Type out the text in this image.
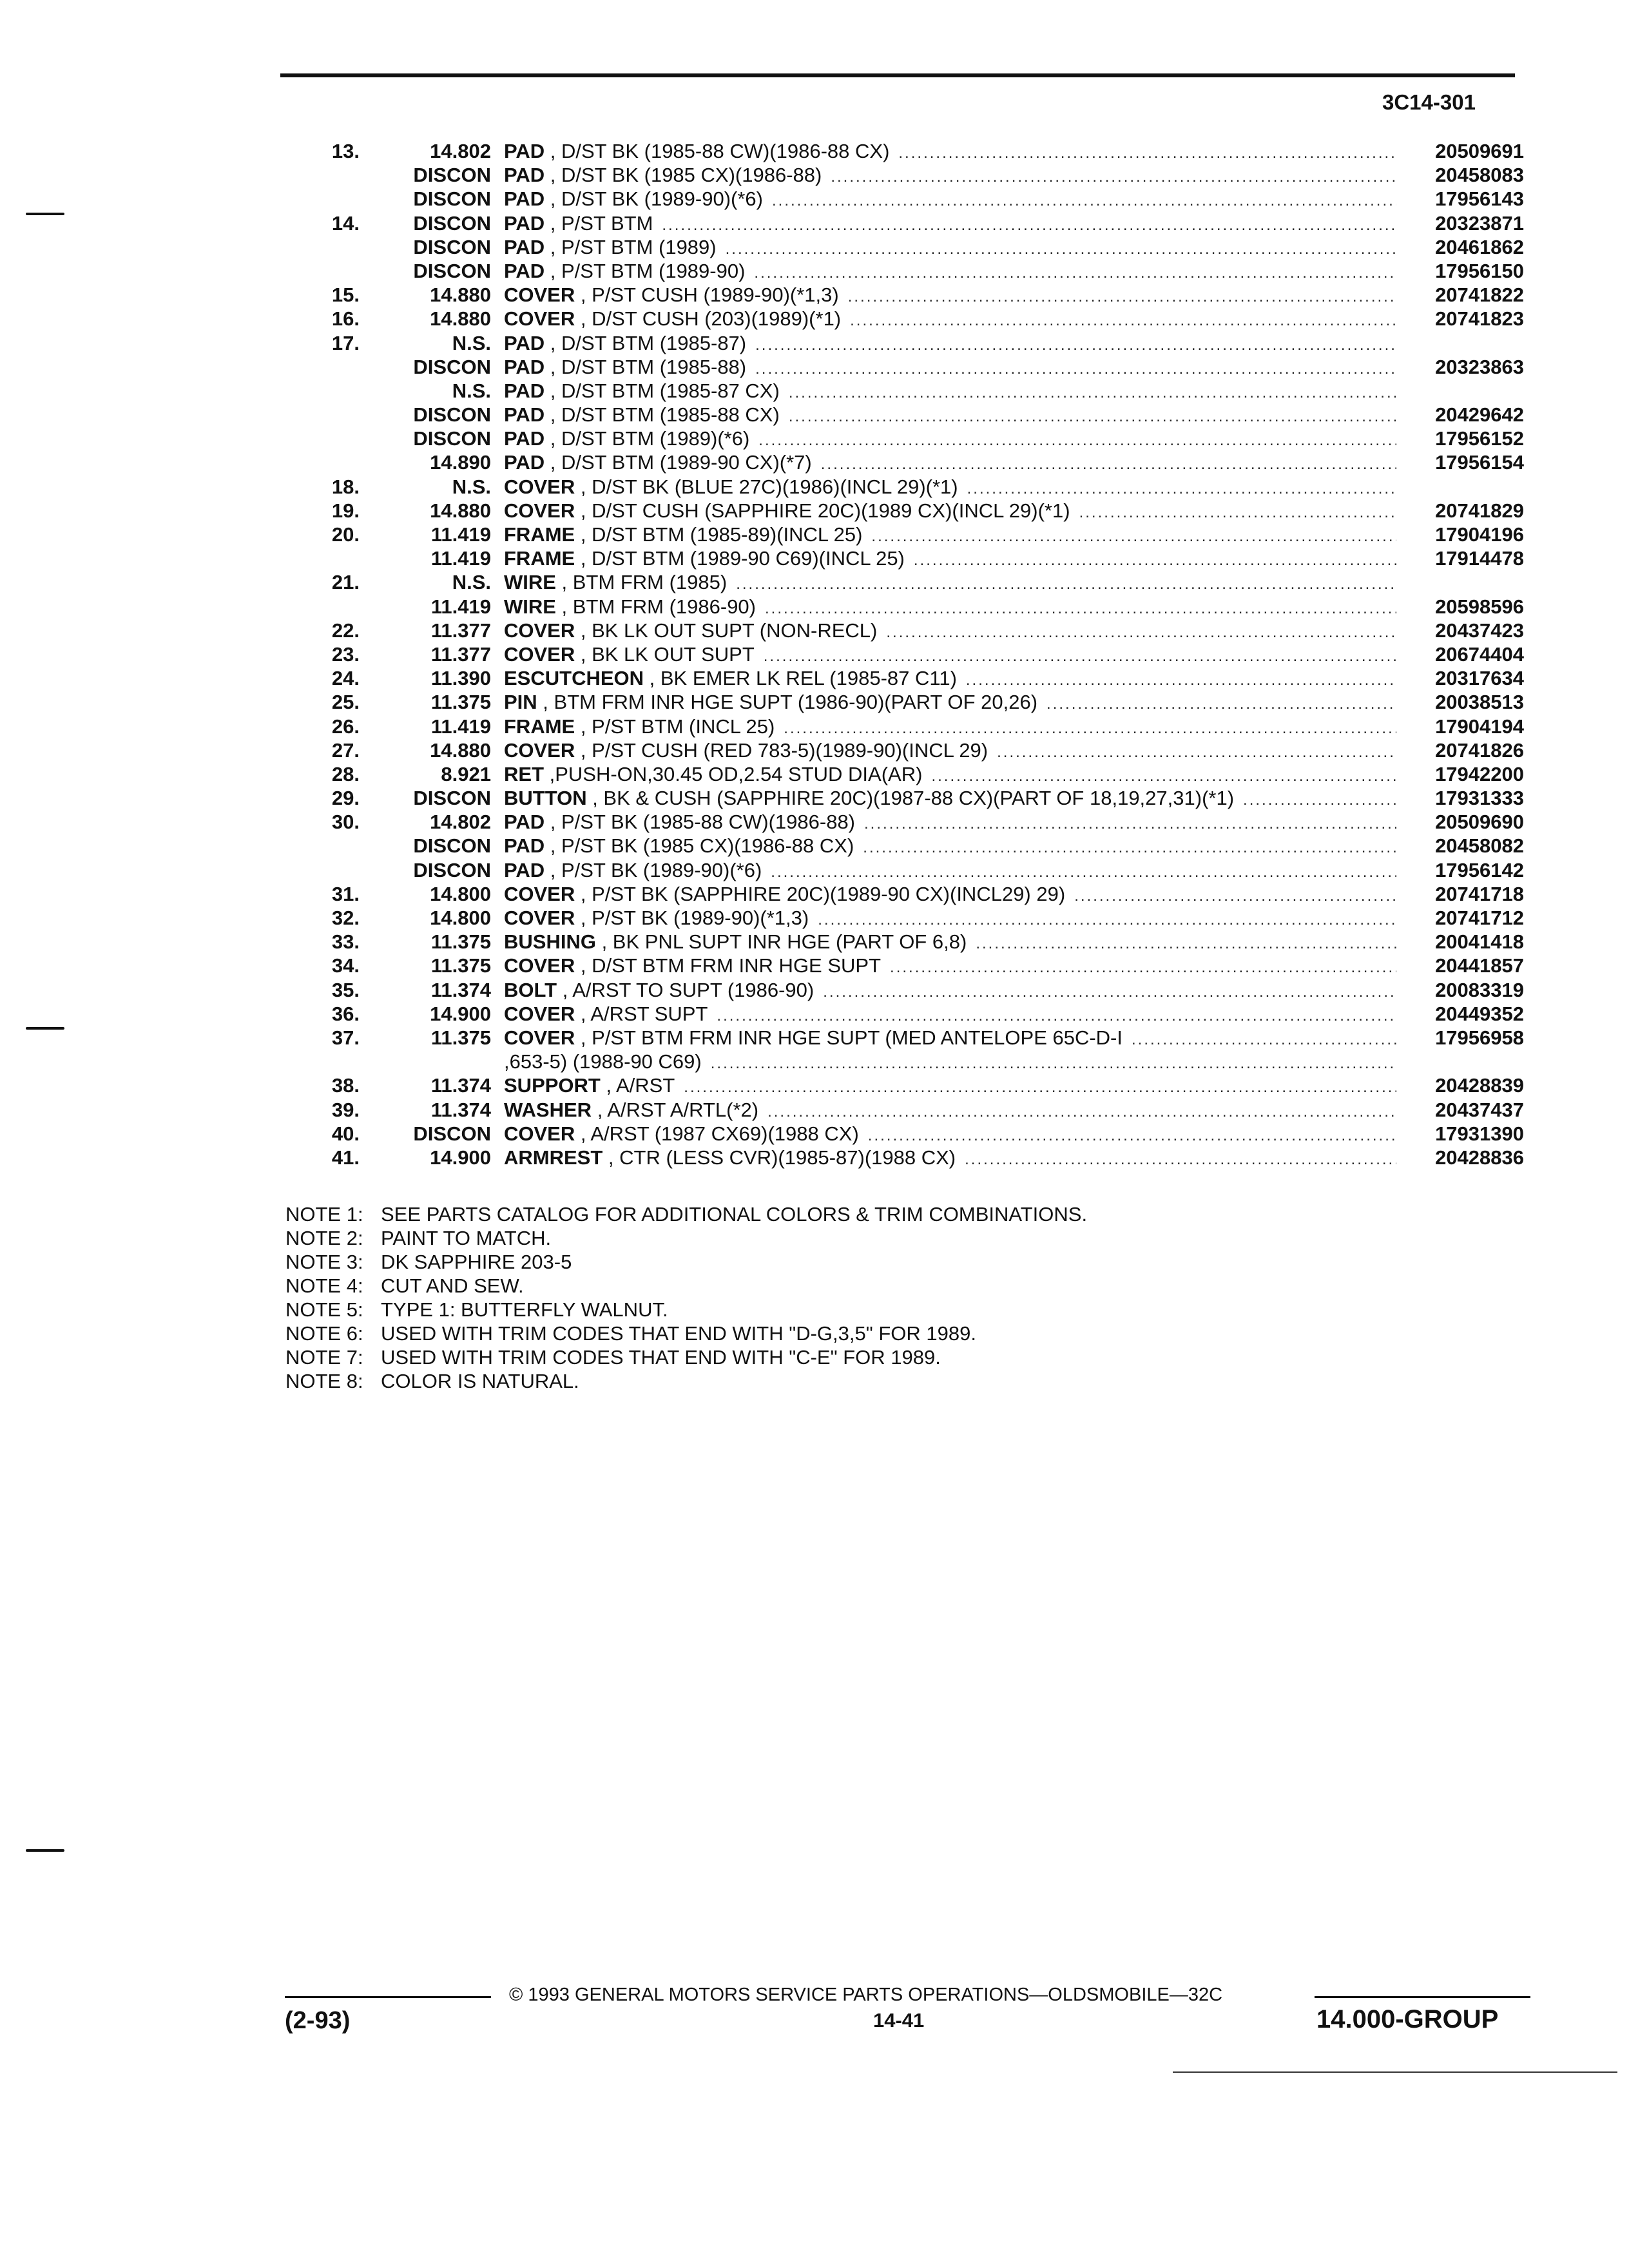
3C14-301
13.	14.802 PAD , D/ST BK (1985-88 CW)(1986-88 CX) .....	20509691
DISCON PAD , D/ST BK (1985 CX)(1986-88) .....	20458083
DISCON PAD , D/ST BK (1989-90)(*6) .....	17956143
14.	DISCON PAD , P/ST BTM .....	20323871
DISCON PAD , P/ST BTM (1989) .....	20461862
DISCON PAD , P/ST BTM (1989-90) .....	17956150
15.	14.880 COVER , P/ST CUSH (1989-90)(*1,3) .....	20741822
16.	14.880 COVER , D/ST CUSH (203)(1989)(*1) .....	20741823
17.	N.S. PAD , D/ST BTM (1985-87)
.....
DISCON PAD , D/ST BTM (1985-88) .....	20323863
N.S. PAD , D/ST BTM (1985-87 CX)
.....
DISCON PAD , D/ST BTM (1985-88 CX) .....	20429642
DISCON PAD , D/ST BTM (1989)(*6) .....	17956152
14.890 PAD , D/ST BTM (1989-90 CX)(*7) .....	17956154
18.	N.S. COVER , D/ST BK (BLUE 27C)(1986)(INCL 29)(*1)
.....
19.	14.880 COVER , D/ST CUSH (SAPPHIRE 20C)(1989 CX)(INCL 29)(*1) .....	20741829
20.	11.419 FRAME , D/ST BTM (1985-89)(INCL 25) .....	17904196
11.419 FRAME , D/ST BTM (1989-90 C69)(INCL 25) .....	17914478
21.	N.S. WIRE , BTM FRM (1985)
.....
11.419 WIRE , BTM FRM (1986-90) .....	20598596
22.	11.377 COVER , BK LK OUT SUPT (NON-RECL) .....	20437423
23.	11.377 COVER , BK LK OUT SUPT .....	20674404
24.	11.390 ESCUTCHEON , BK EMER LK REL (1985-87 C11) .....	20317634
25.	11.375 PIN , BTM FRM INR HGE SUPT (1986-90)(PART OF 20,26) .....	20038513
26.	11.419 FRAME , P/ST BTM (INCL 25) .....	17904194
27.	14.880 COVER , P/ST CUSH (RED 783-5)(1989-90)(INCL 29) .....	20741826
28.	8.921 RET ,PUSH-ON,30.45 OD,2.54 STUD DIA(AR) .....	17942200
29.	DISCON BUTTON , BK & CUSH (SAPPHIRE 20C)(1987-88 CX)(PART OF 18,19,27,31)(*1) .....	17931333
30.	14.802 PAD , P/ST BK (1985-88 CW)(1986-88) .....	20509690
DISCON PAD , P/ST BK (1985 CX)(1986-88 CX) .....	20458082
DISCON PAD , P/ST BK (1989-90)(*6) .....	17956142
31.	14.800 COVER , P/ST BK (SAPPHIRE 20C)(1989-90 CX)(INCL29) 29) .....	20741718
32.	14.800 COVER , P/ST BK (1989-90)(*1,3) .....	20741712
33.	11.375 BUSHING , BK PNL SUPT INR HGE (PART OF 6,8) .....	20041418
34.	11.375 COVER , D/ST BTM FRM INR HGE SUPT .....	20441857
35.	11.374 BOLT , A/RST TO SUPT (1986-90) .....	20083319
36.	14.900 COVER , A/RST SUPT .....	20449352
37.	11.375 COVER , P/ST BTM FRM INR HGE SUPT (MED ANTELOPE 65C-D-I .....	17956958
,653-5) (1988-90 C69)
.....
38.	11.374 SUPPORT , A/RST .....	20428839
39.	11.374 WASHER , A/RST A/RTL(*2) .....	20437437
40.	DISCON COVER , A/RST (1987 CX69)(1988 CX) .....	17931390
41.	14.900 ARMREST , CTR (LESS CVR)(1985-87)(1988 CX) .....	20428836
NOTE 1: SEE PARTS CATALOG FOR ADDITIONAL COLORS & TRIM COMBINATIONS.
NOTE 2: PAINT TO MATCH.
NOTE 3: DK SAPPHIRE 203-5
NOTE 4: CUT AND SEW.
NOTE 5: TYPE 1: BUTTERFLY WALNUT.
NOTE 6: USED WITH TRIM CODES THAT END WITH "D-G,3,5" FOR 1989.
NOTE 7: USED WITH TRIM CODES THAT END WITH "C-E" FOR 1989.
NOTE 8: COLOR IS NATURAL.
© 1993 GENERAL MOTORS SERVICE PARTS OPERATIONS—OLDSMOBILE—32C
(2-93)	14-41	14.000-GROUP
